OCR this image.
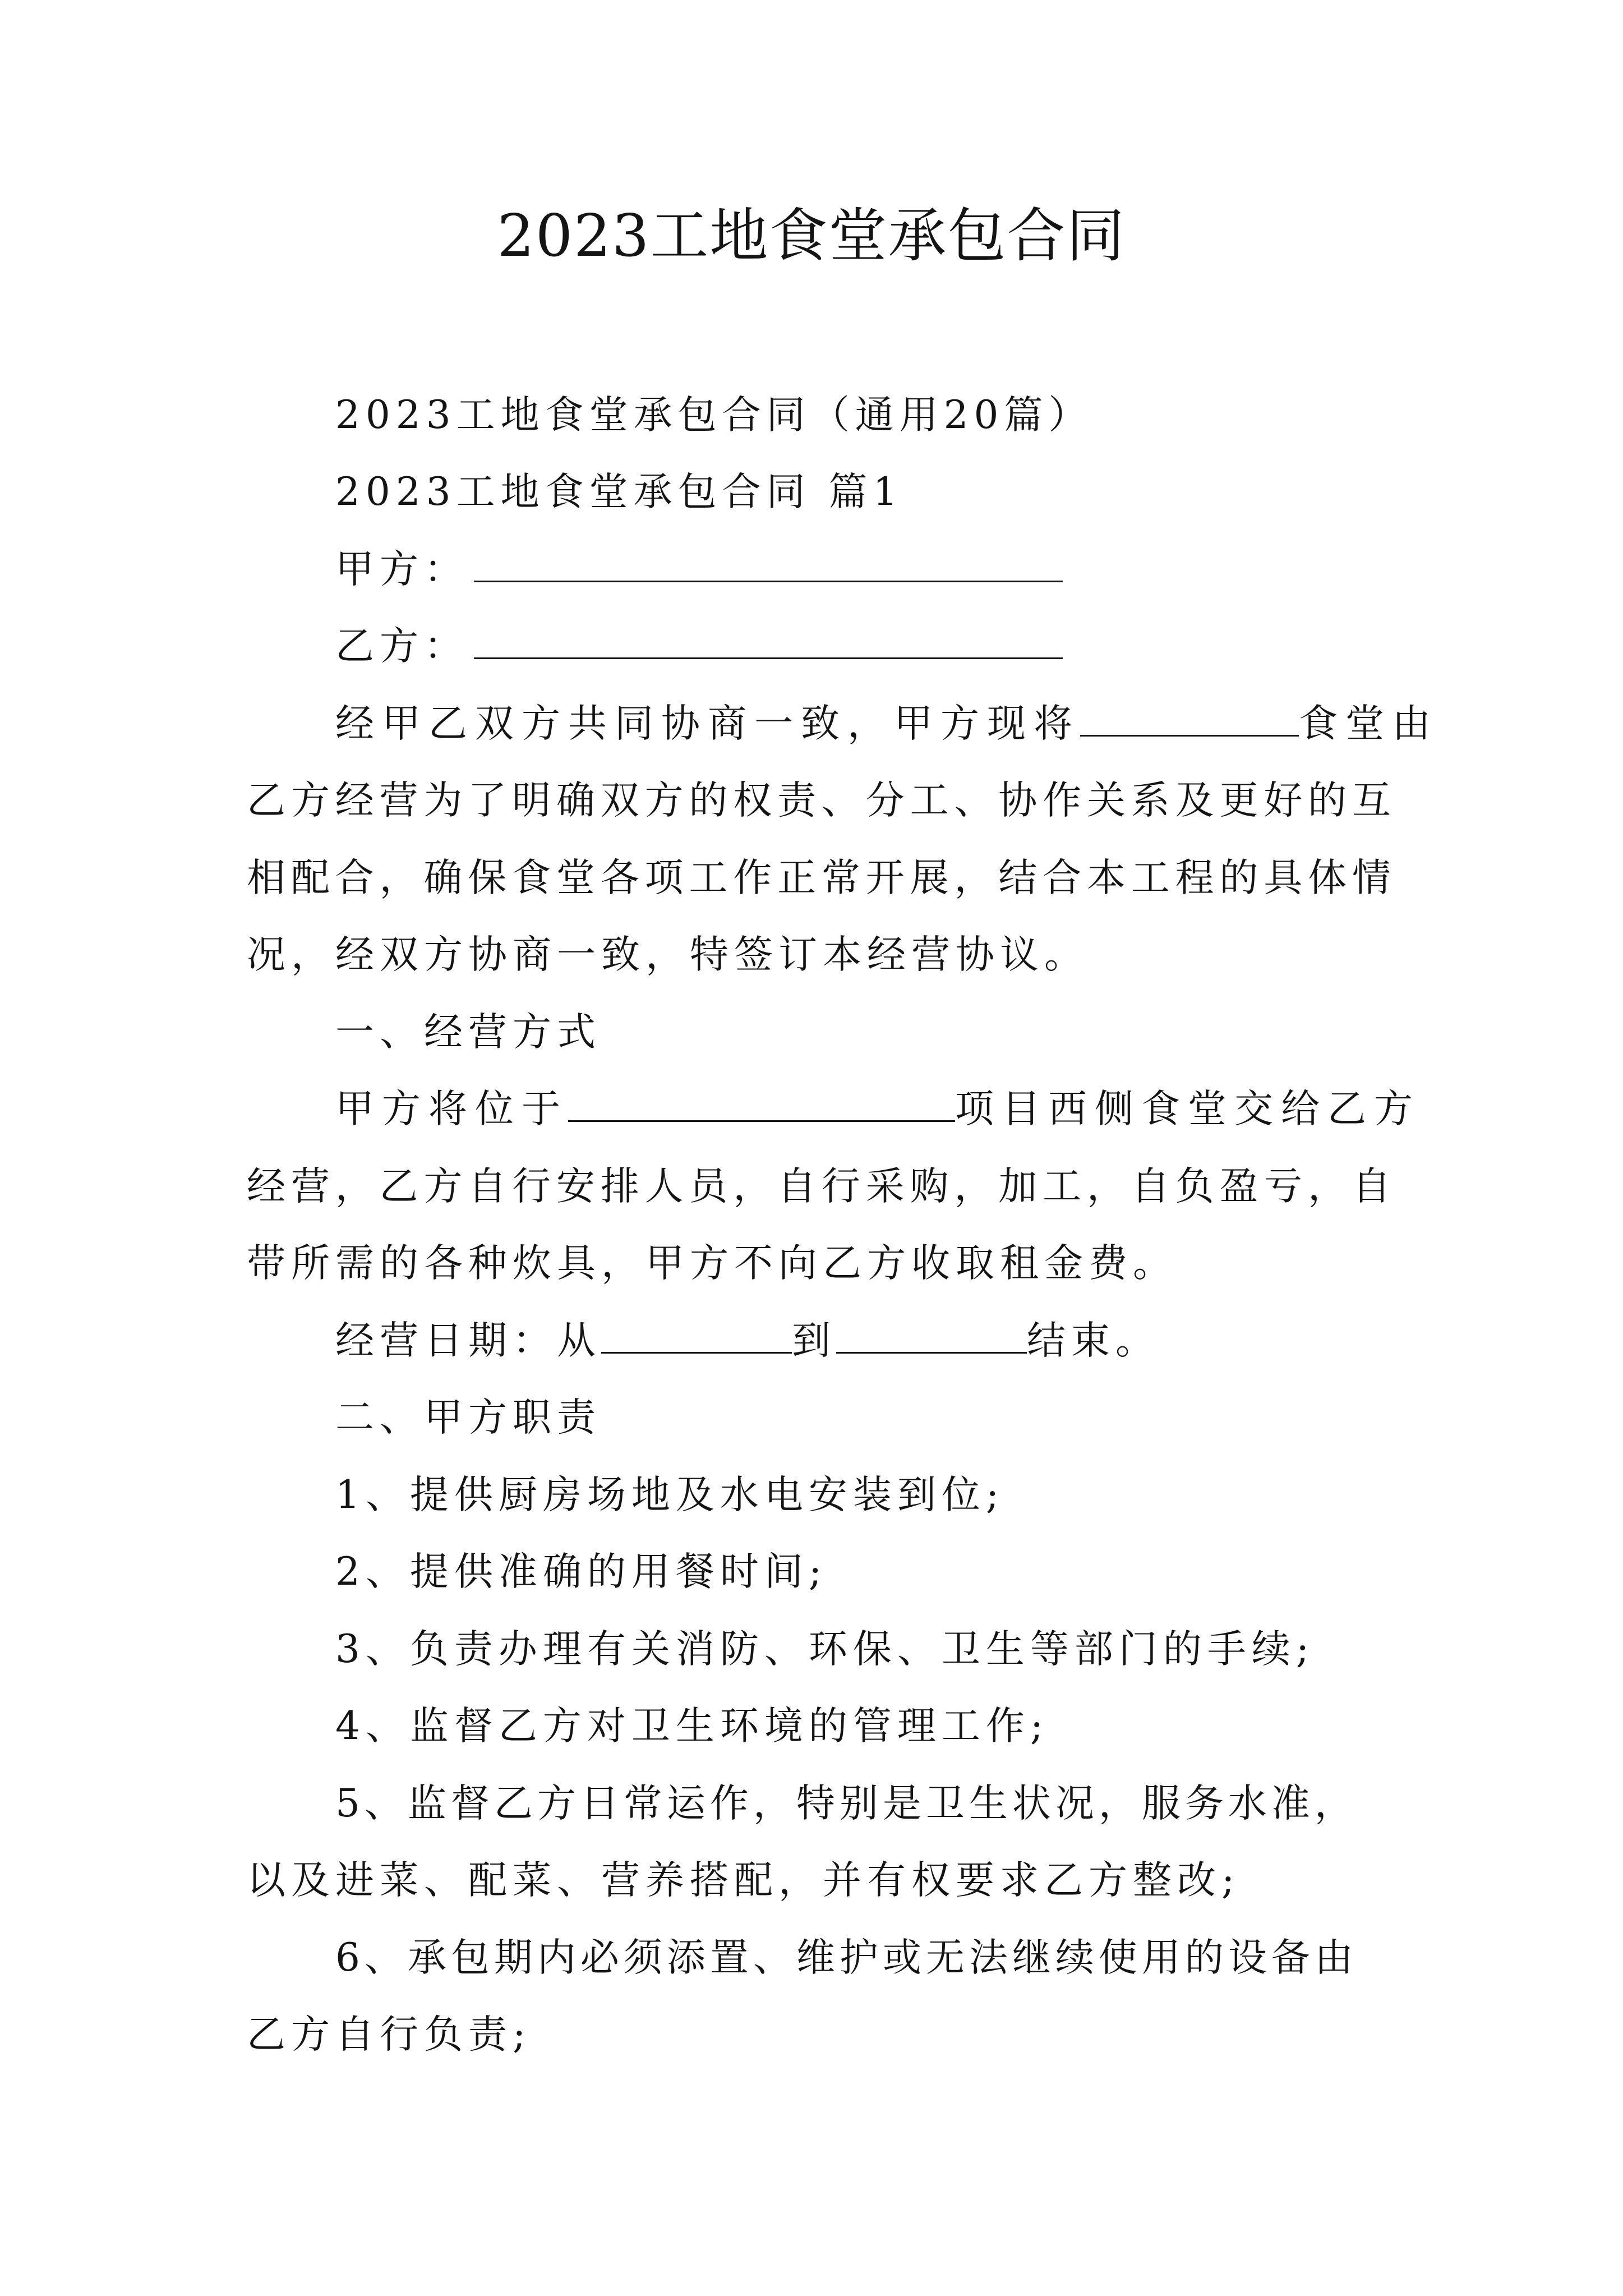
2023工地食堂承包合同
2023工地食堂承包合同（通用20篇）
2023工地食堂承包合同 篇1
甲方：
乙方：
经甲乙双方共同协商一致，甲方现将	食堂由
乙方经营为了明确双方的权责、分工、协作关系及更好的互
相配合，确保食堂各项工作正常开展，结合本工程的具体情
况，经双方协商一致，特签订本经营协议。
一、经营方式
甲方将位于	项目西侧食堂交给乙方
经营，乙方自行安排人员，自行采购，加工，自负盈亏，自
带所需的各种炊具，甲方不向乙方收取租金费。
经营日期：从	到	结束。
二、甲方职责
1、提供厨房场地及水电安装到位;
2、提供准确的用餐时间;
3、负责办理有关消防、环保、卫生等部门的手续;
4、监督乙方对卫生环境的管理工作;
5、监督乙方日常运作，特别是卫生状况，服务水准，
以及进菜、配菜、营养搭配，并有权要求乙方整改;
6、承包期内必须添置、维护或无法继续使用的设备由
乙方自行负责;
